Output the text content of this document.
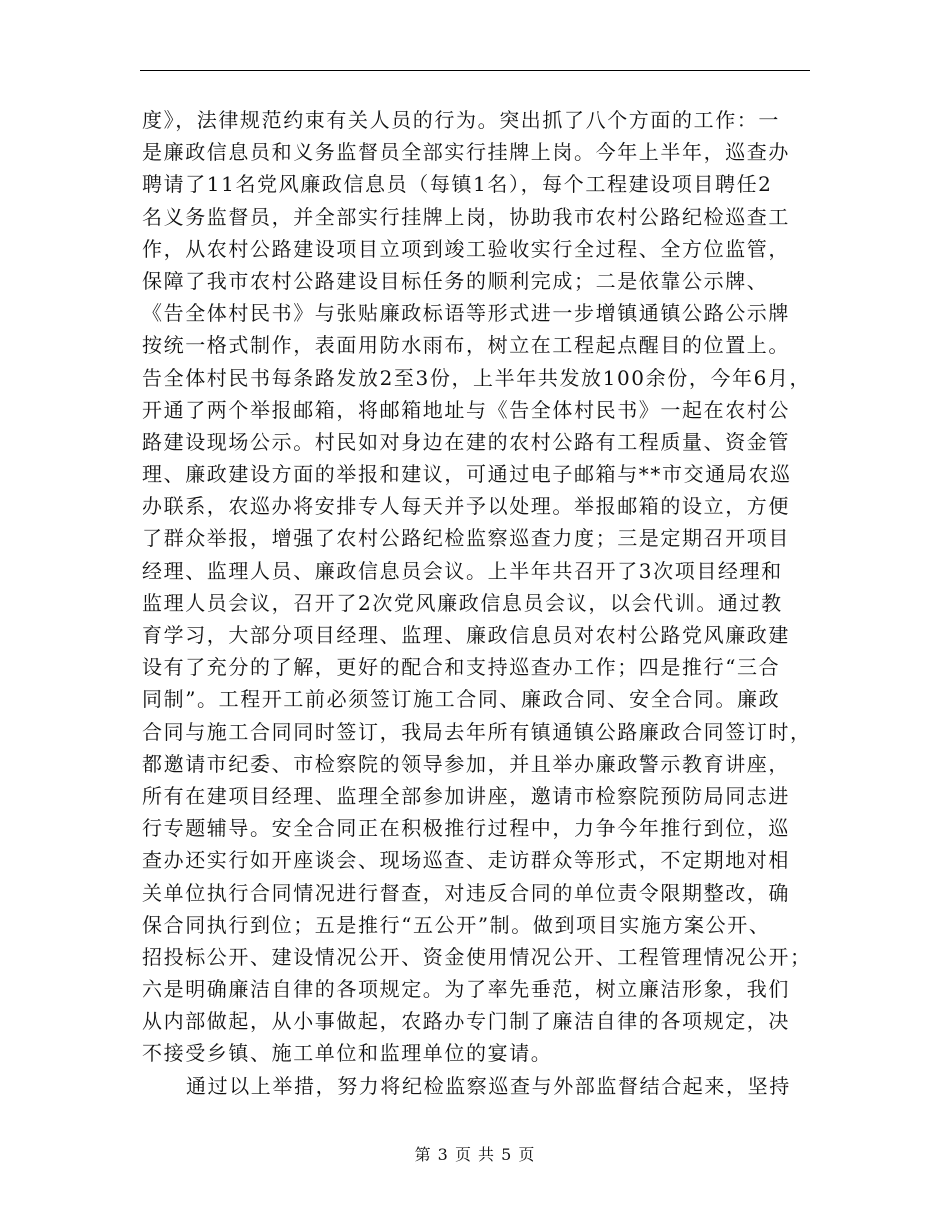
度》，法律规范约束有关人员的行为。突出抓了八个方面的工作：一
是廉政信息员和义务监督员全部实行挂牌上岗。今年上半年，巡查办
聘请了11名党风廉政信息员（每镇1名），每个工程建设项目聘任2
名义务监督员，并全部实行挂牌上岗，协助我市农村公路纪检巡查工
作，从农村公路建设项目立项到竣工验收实行全过程、全方位监管，
保障了我市农村公路建设目标任务的顺利完成；二是依靠公示牌、
《告全体村民书》与张贴廉政标语等形式进一步增镇通镇公路公示牌
按统一格式制作，表面用防水雨布，树立在工程起点醒目的位置上。
告全体村民书每条路发放2至3份，上半年共发放100余份，今年6月，
开通了两个举报邮箱，将邮箱地址与《告全体村民书》一起在农村公
路建设现场公示。村民如对身边在建的农村公路有工程质量、资金管
理、廉政建设方面的举报和建议，可通过电子邮箱与**市交通局农巡
办联系，农巡办将安排专人每天并予以处理。举报邮箱的设立，方便
了群众举报，增强了农村公路纪检监察巡查力度；三是定期召开项目
经理、监理人员、廉政信息员会议。上半年共召开了3次项目经理和
监理人员会议，召开了2次党风廉政信息员会议，以会代训。通过教
育学习，大部分项目经理、监理、廉政信息员对农村公路党风廉政建
设有了充分的了解，更好的配合和支持巡查办工作；四是推行“三合
同制”。工程开工前必须签订施工合同、廉政合同、安全合同。廉政
合同与施工合同同时签订，我局去年所有镇通镇公路廉政合同签订时，
都邀请市纪委、市检察院的领导参加，并且举办廉政警示教育讲座，
所有在建项目经理、监理全部参加讲座，邀请市检察院预防局同志进
行专题辅导。安全合同正在积极推行过程中，力争今年推行到位，巡
查办还实行如开座谈会、现场巡查、走访群众等形式，不定期地对相
关单位执行合同情况进行督查，对违反合同的单位责令限期整改，确
保合同执行到位；五是推行“五公开”制。做到项目实施方案公开、
招投标公开、建设情况公开、资金使用情况公开、工程管理情况公开；
六是明确廉洁自律的各项规定。为了率先垂范，树立廉洁形象，我们
从内部做起，从小事做起，农路办专门制了廉洁自律的各项规定，决
不接受乡镇、施工单位和监理单位的宴请。
通过以上举措，努力将纪检监察巡查与外部监督结合起来，坚持
第 3 页 共 5 页
